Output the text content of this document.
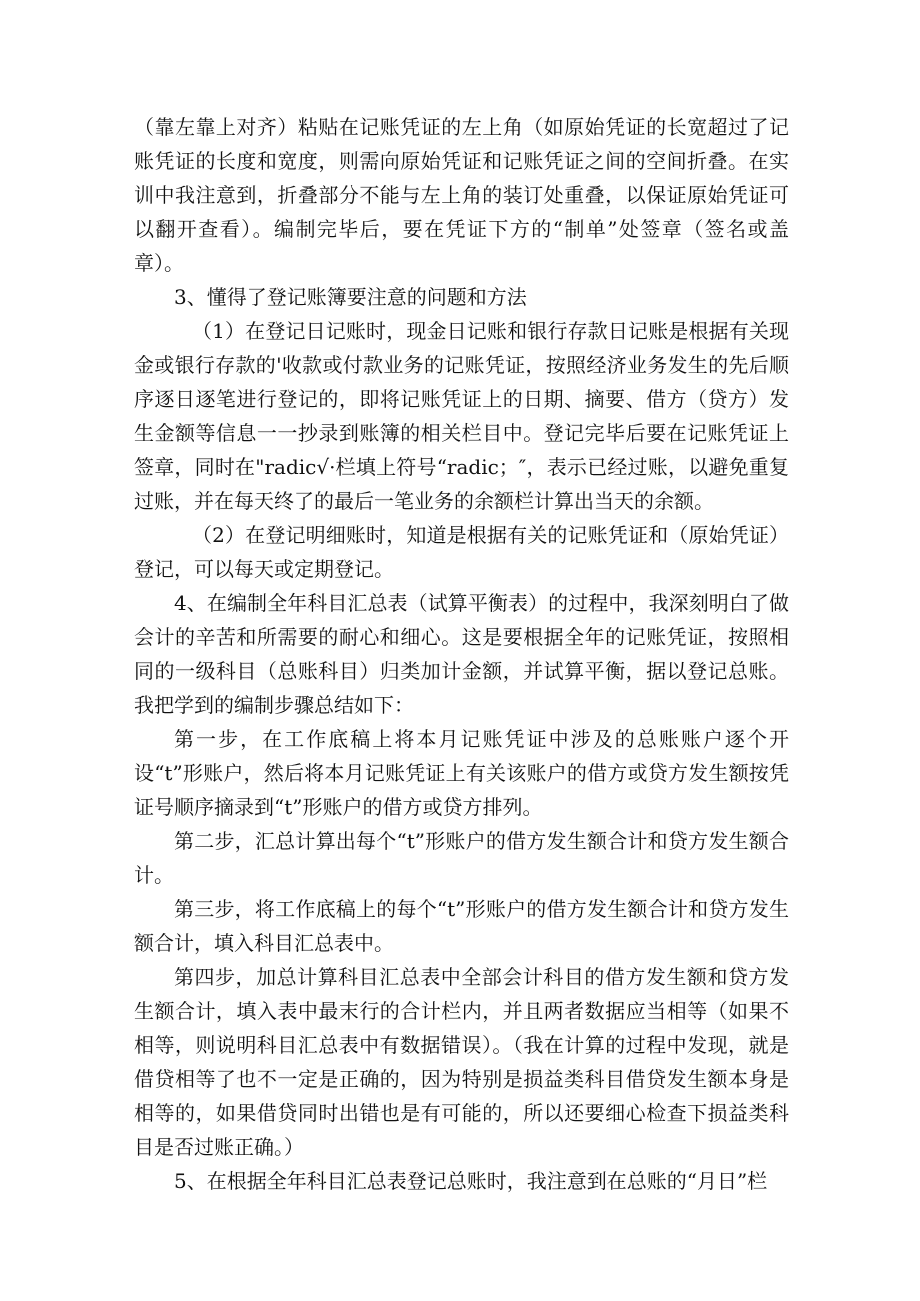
（靠左靠上对齐）粘贴在记账凭证的左上角（如原始凭证的长宽超过了记账凭证的长度和宽度，则需向原始凭证和记账凭证之间的空间折叠。在实训中我注意到，折叠部分不能与左上角的装订处重叠，以保证原始凭证可以翻开查看）。编制完毕后，要在凭证下方的“制单”处签章（签名或盖章）。

3、懂得了登记账簿要注意的问题和方法

（1）在登记日记账时，现金日记账和银行存款日记账是根据有关现金或银行存款的'收款或付款业务的记账凭证，按照经济业务发生的先后顺序逐日逐笔进行登记的，即将记账凭证上的日期、摘要、借方（贷方）发生金额等信息一一抄录到账簿的相关栏目中。登记完毕后要在记账凭证上签章，同时在"radic√·栏填上符号“radic；″，表示已经过账，以避免重复过账，并在每天终了的最后一笔业务的余额栏计算出当天的余额。

（2）在登记明细账时，知道是根据有关的记账凭证和（原始凭证）登记，可以每天或定期登记。

4、在编制全年科目汇总表（试算平衡表）的过程中，我深刻明白了做会计的辛苦和所需要的耐心和细心。这是要根据全年的记账凭证，按照相同的一级科目（总账科目）归类加计金额，并试算平衡，据以登记总账。我把学到的编制步骤总结如下：

第一步，在工作底稿上将本月记账凭证中涉及的总账账户逐个开设“t”形账户，然后将本月记账凭证上有关该账户的借方或贷方发生额按凭证号顺序摘录到“t”形账户的借方或贷方排列。

第二步，汇总计算出每个“t”形账户的借方发生额合计和贷方发生额合计。

第三步，将工作底稿上的每个“t”形账户的借方发生额合计和贷方发生额合计，填入科目汇总表中。

第四步，加总计算科目汇总表中全部会计科目的借方发生额和贷方发生额合计，填入表中最末行的合计栏内，并且两者数据应当相等（如果不相等，则说明科目汇总表中有数据错误）。（我在计算的过程中发现，就是借贷相等了也不一定是正确的，因为特别是损益类科目借贷发生额本身是相等的，如果借贷同时出错也是有可能的，所以还要细心检查下损益类科目是否过账正确。）

5、在根据全年科目汇总表登记总账时，我注意到在总账的“月日”栏
